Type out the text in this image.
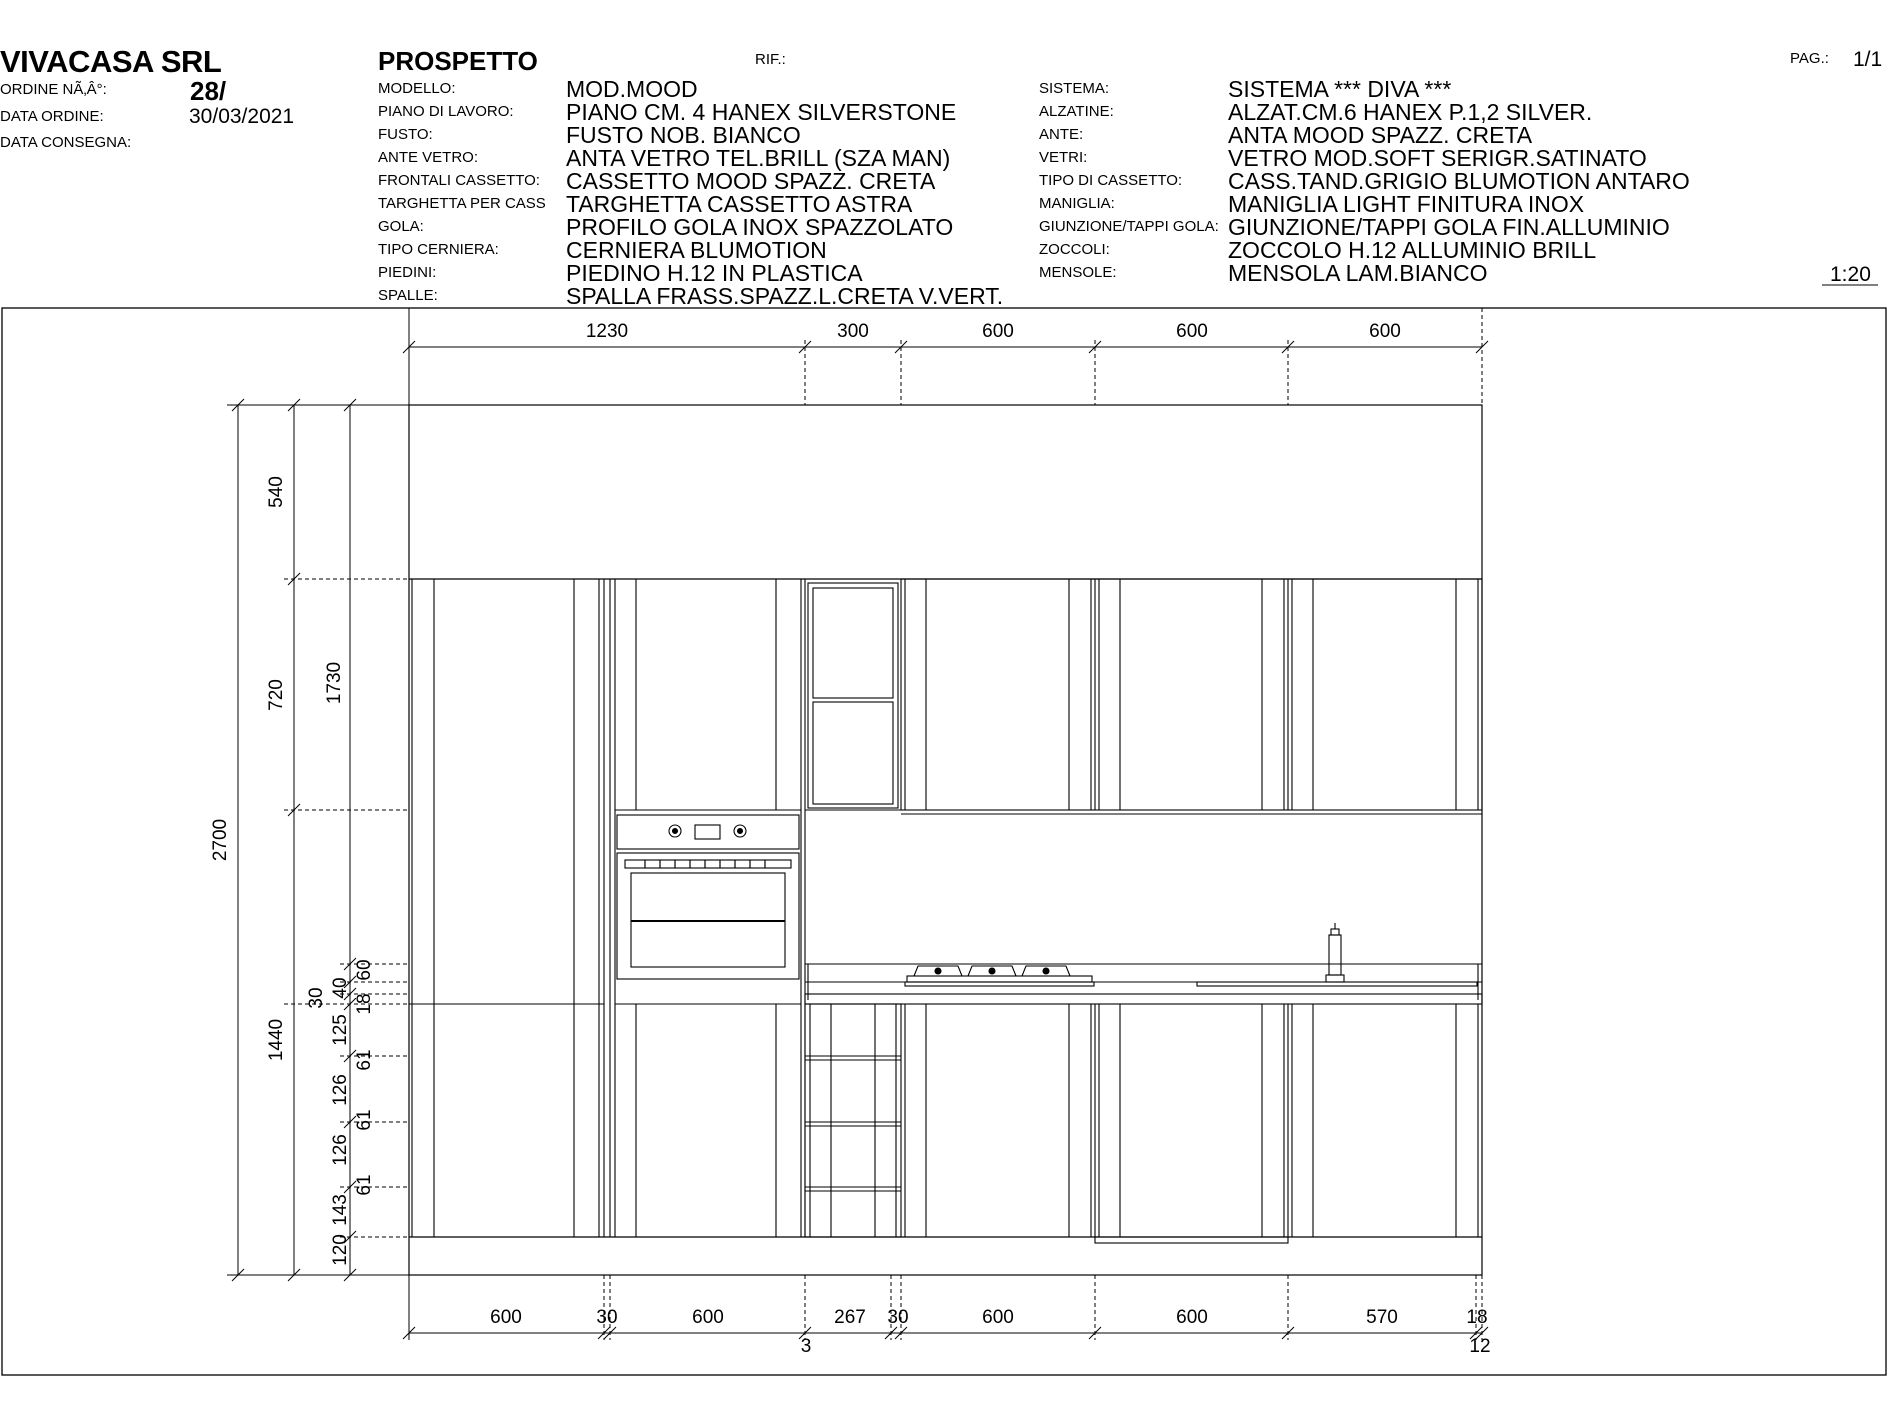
VIVACASA SRL
ORDINE NÃ‚Â°:	28/
DATA ORDINE:	30/03/2021
DATA CONSEGNA:
PROSPETTO	RIF.:	PAG.: 1/1
1:20
MODELLO:	MOD.MOOD
PIANO DI LAVORO: PIANO CM. 4 HANEX SILVERSTONE
FUSTO:	FUSTO NOB. BIANCO
ANTE VETRO:	ANTA VETRO TEL.BRILL (SZA MAN)
FRONTALI CASSETTO: CASSETTO MOOD SPAZZ. CRETA
TARGHETTA PER CASS TARGHETTA CASSETTO ASTRA
GOLA:	PROFILO GOLA INOX SPAZZOLATO
TIPO CERNIERA:	CERNIERA BLUMOTION
PIEDINI:	PIEDINO H.12 IN PLASTICA
SPALLE:	SPALLA FRASS.SPAZZ.L.CRETA V.VERT.
SISTEMA:	SISTEMA *** DIVA ***
ALZATINE:	ALZAT.CM.6 HANEX P.1,2 SILVER.
ANTE:	ANTA MOOD SPAZZ. CRETA
VETRI:	VETRO MOD.SOFT SERIGR.SATINATO
TIPO DI CASSETTO: CASS.TAND.GRIGIO BLUMOTION ANTARO
MANIGLIA:	MANIGLIA LIGHT FINITURA INOX
GIUNZIONE/TAPPI GOLA: GIUNZIONE/TAPPI GOLA FIN.ALLUMINIO
ZOCCOLI:	ZOCCOLO H.12 ALLUMINIO BRILL
MENSOLE:	MENSOLA LAM.BIANCO
1230	300	600	600	600
2700
540
720
1440
1730
60
30 40
18
125
61
126
61
126
61
143
120
600	30	600	267 30	600	600	570	18
3	12
